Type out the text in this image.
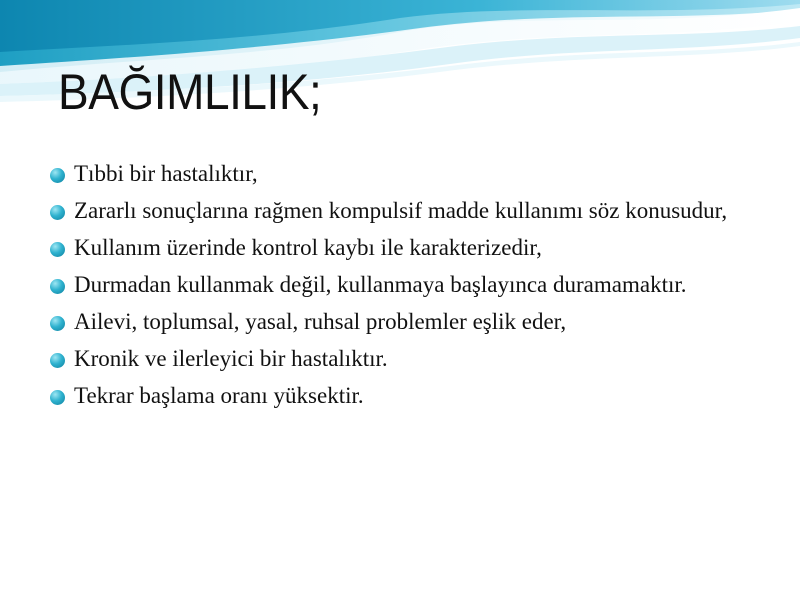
BAĞIMLILIK;
Tıbbi bir hastalıktır,
Zararlı sonuçlarına rağmen kompulsif madde kullanımı söz konusudur,
Kullanım üzerinde kontrol kaybı ile karakterizedir,
Durmadan kullanmak değil, kullanmaya başlayınca duramamaktır.
Ailevi, toplumsal, yasal, ruhsal problemler eşlik eder,
Kronik ve ilerleyici bir hastalıktır.
Tekrar başlama oranı yüksektir.
